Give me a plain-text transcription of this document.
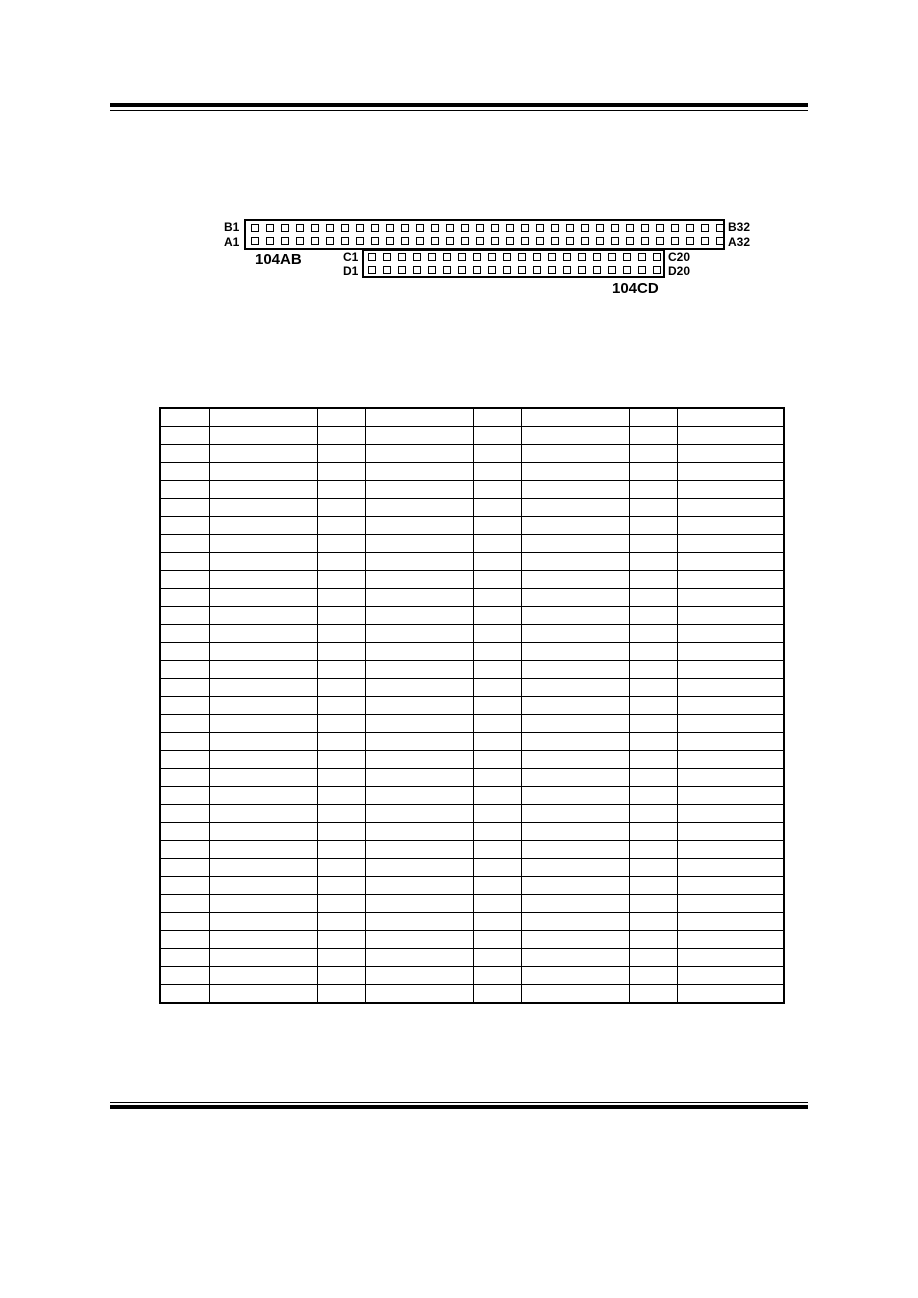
B1
A1
B32
A32
104AB	C1
D1
C20
D20
104CD
